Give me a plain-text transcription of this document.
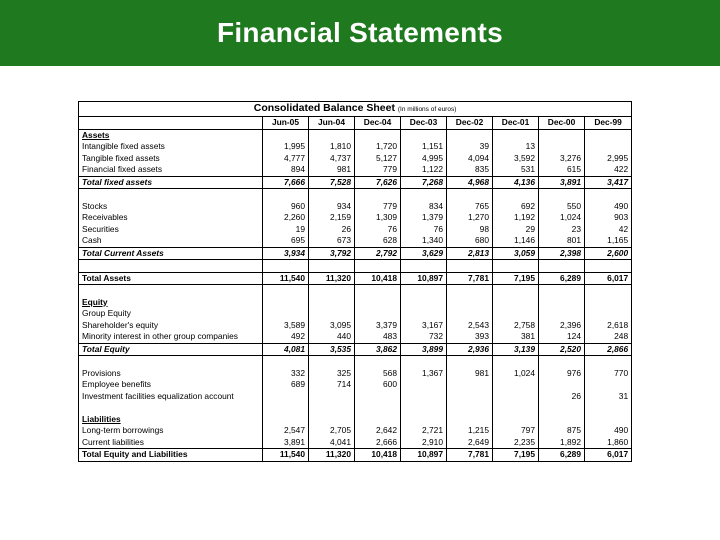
Financial Statements
Consolidated Balance Sheet (In millions of euros)								
	Jun-05	Jun-04	Dec-04	Dec-03	Dec-02	Dec-01	Dec-00	Dec-99
Assets								
Intangible fixed assets	1,995	1,810	1,720	1,151	39	13		
Tangible fixed assets	4,777	4,737	5,127	4,995	4,094	3,592	3,276	2,995
Financial fixed assets	894	981	779	1,122	835	531	615	422
Total fixed assets	7,666	7,528	7,626	7,268	4,968	4,136	3,891	3,417

Stocks	960	934	779	834	765	692	550	490
Receivables	2,260	2,159	1,309	1,379	1,270	1,192	1,024	903
Securities	19	26	76	76	98	29	23	42
Cash	695	673	628	1,340	680	1,146	801	1,165
Total Current Assets	3,934	3,792	2,792	3,629	2,813	3,059	2,398	2,600

Total Assets	11,540	11,320	10,418	10,897	7,781	7,195	6,289	6,017

Equity								
Group Equity								
Shareholder's equity	3,589	3,095	3,379	3,167	2,543	2,758	2,396	2,618
Minority interest in other group companies	492	440	483	732	393	381	124	248
Total Equity	4,081	3,535	3,862	3,899	2,936	3,139	2,520	2,866

Provisions	332	325	568	1,367	981	1,024	976	770
Employee benefits	689	714	600					
Investment facilities equalization account							26	31

Liabilities								
Long-term borrowings	2,547	2,705	2,642	2,721	1,215	797	875	490
Current liabilities	3,891	4,041	2,666	2,910	2,649	2,235	1,892	1,860
Total Equity and Liabilities	11,540	11,320	10,418	10,897	7,781	7,195	6,289	6,017
